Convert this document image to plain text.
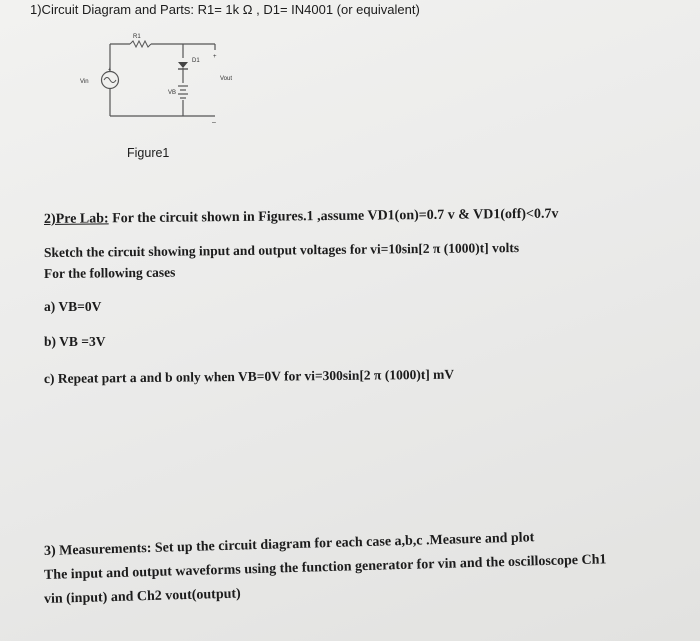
1)Circuit Diagram and Parts: R1= 1k Ω , D1= IN4001 (or equivalent)
R1
+
Vin
D1
VB
+
Vout
–
Figure1
2)Pre Lab: For the circuit shown in Figures.1 ,assume VD1(on)=0.7 v & VD1(off)<0.7v
Sketch the circuit showing input and output voltages for vi=10sin[2 π (1000)t] volts
For the following cases
a) VB=0V
b) VB =3V
c) Repeat part a and b only when VB=0V for vi=300sin[2 π (1000)t] mV
3) Measurements: Set up the circuit diagram for each case a,b,c .Measure and plot
The input and output waveforms using the function generator for vin and the oscilloscope Ch1
vin (input) and Ch2 vout(output)
